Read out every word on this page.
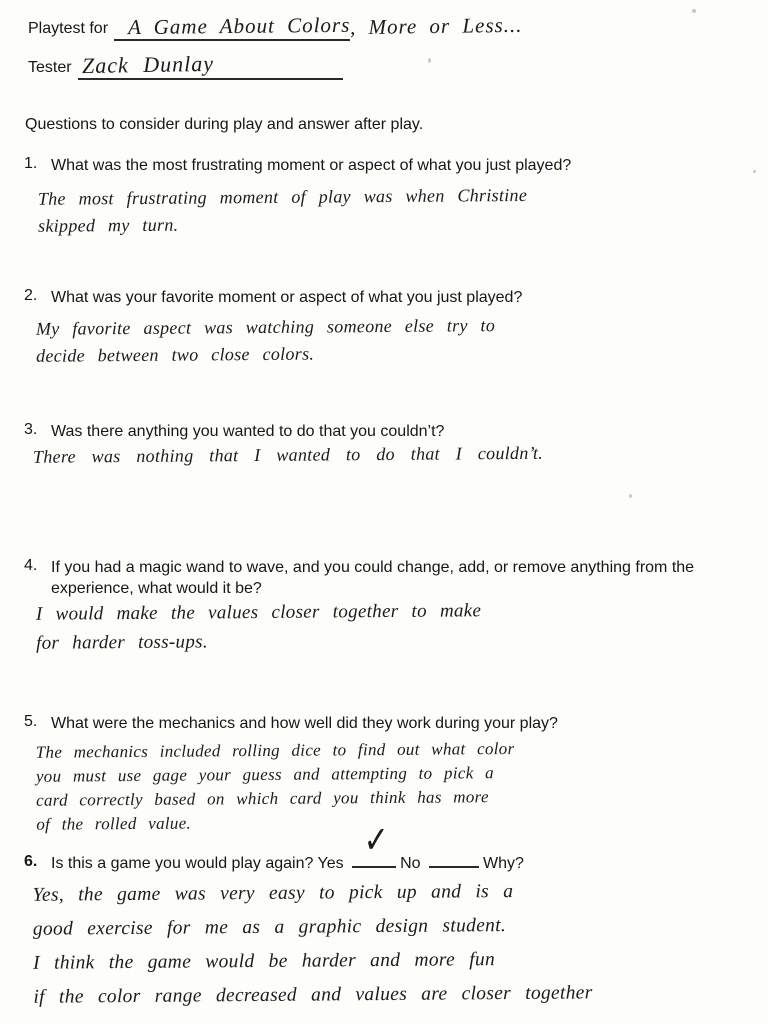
Playtest for A Game About Colors , More or Less...
Tester Zack Dunlay
Questions to consider during play and answer after play.
1. What was the most frustrating moment or aspect of what you just played?
The most frustrating moment of play was when Christine
skipped my turn.
2. What was your favorite moment or aspect of what you just played?
My favorite aspect was watching someone else try to
decide between two close colors.
3. Was there anything you wanted to do that you couldn’t?
There was nothing that I wanted to do that I couldn’t.
4. If you had a magic wand to wave, and you could change, add, or remove anything from the experience, what would it be?
I would make the values closer together to make
for harder toss-ups.
5. What were the mechanics and how well did they work during your play?
The mechanics included rolling dice to find out what color
you must use gage your guess and attempting to pick a
card correctly based on which card you think has more
of the rolled value.
6. Is this a game you would play again? Yes
✓
No	Why?
Yes, the game was very easy to pick up and is a
good exercise for me as a graphic design student.
I think the game would be harder and more fun
if the color range decreased and values are closer together
